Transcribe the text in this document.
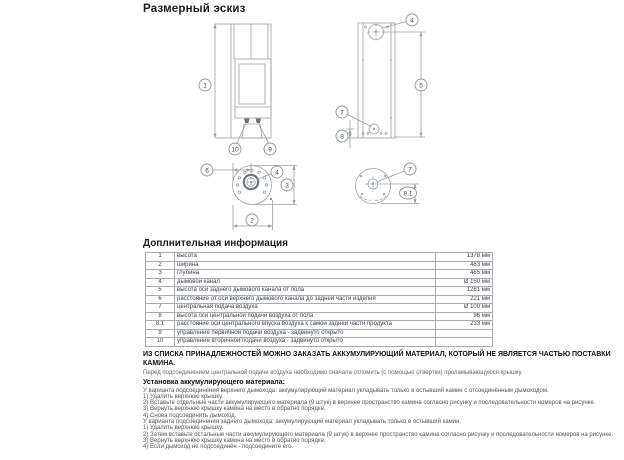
Размерный эскиз
1
10	9
4
5
7
8
6	4
3
2
7
8.1
Доплнительная информация
1	высота	1378 мм
2	ширина	483 мм
3	глубина	465 мм
4	дымовой канал	Ø 150 мм
5	высота оси заднего дымового канала от пола	1281 мм
6	расстояние от оси верхнего дымового канала до задней части изделия	221 мм
7	центральная подача воздуха	Ø 100 мм
8	высота оси центральной подачи воздуха от пола	96 мм
8.1	расстояние оси центрального впуска воздуха к самой задней части продукта	233 мм
9	управление первичной подачи воздуха - задвинуто открыто	
10	управление вторичной подачи воздуха - задвинуто открыто	

ИЗ СПИСКА ПРИНАДЛЕЖНОСТЕЙ МОЖНО ЗАКАЗАТЬ АККУМУЛИРУЮЩИЙ МАТЕРИАЛ, КОТОРЫЙ НЕ ЯВЛЯЕТСЯ ЧАСТЬЮ ПОСТАВКИ КАМИНА.

Перед подсоединением центральной подачи воздуха необходимо сначала отломить (с помощью отвертки) проламывающуюся крышку.

Установка аккумулирующего материала:

У варианта подсоединения верхнего дымохода: аккумулирующий материал укладывать только в остывший камин с отсоединённым дымоходом.

1) Удалить верхнюю крышку.

2) Вставьте отдельные части аккумулирующего материала (9 штук) в верхнее пространство камина согласно рисунку и последовательности номеров на рисунке.

3) Вернуть верхнюю крышку камина на место в обратно порядке.

4) Снова подсоединить дымоход.

У варианта подсоединения заднего дымохода: аккумулирующий материал укладывать только в остывший камин.

1) Удалить верхнюю крышку.

2) Затем вставьте остальные части аккумулирующего материала (9 штук) в верхнее пространство камина согласно рисунку и последовательности номеров на рисунке.

3) Вернуть верхнюю крышку камина на место в обратно порядке.

4) Если дымоход не подсоединён - подсоедините его.
